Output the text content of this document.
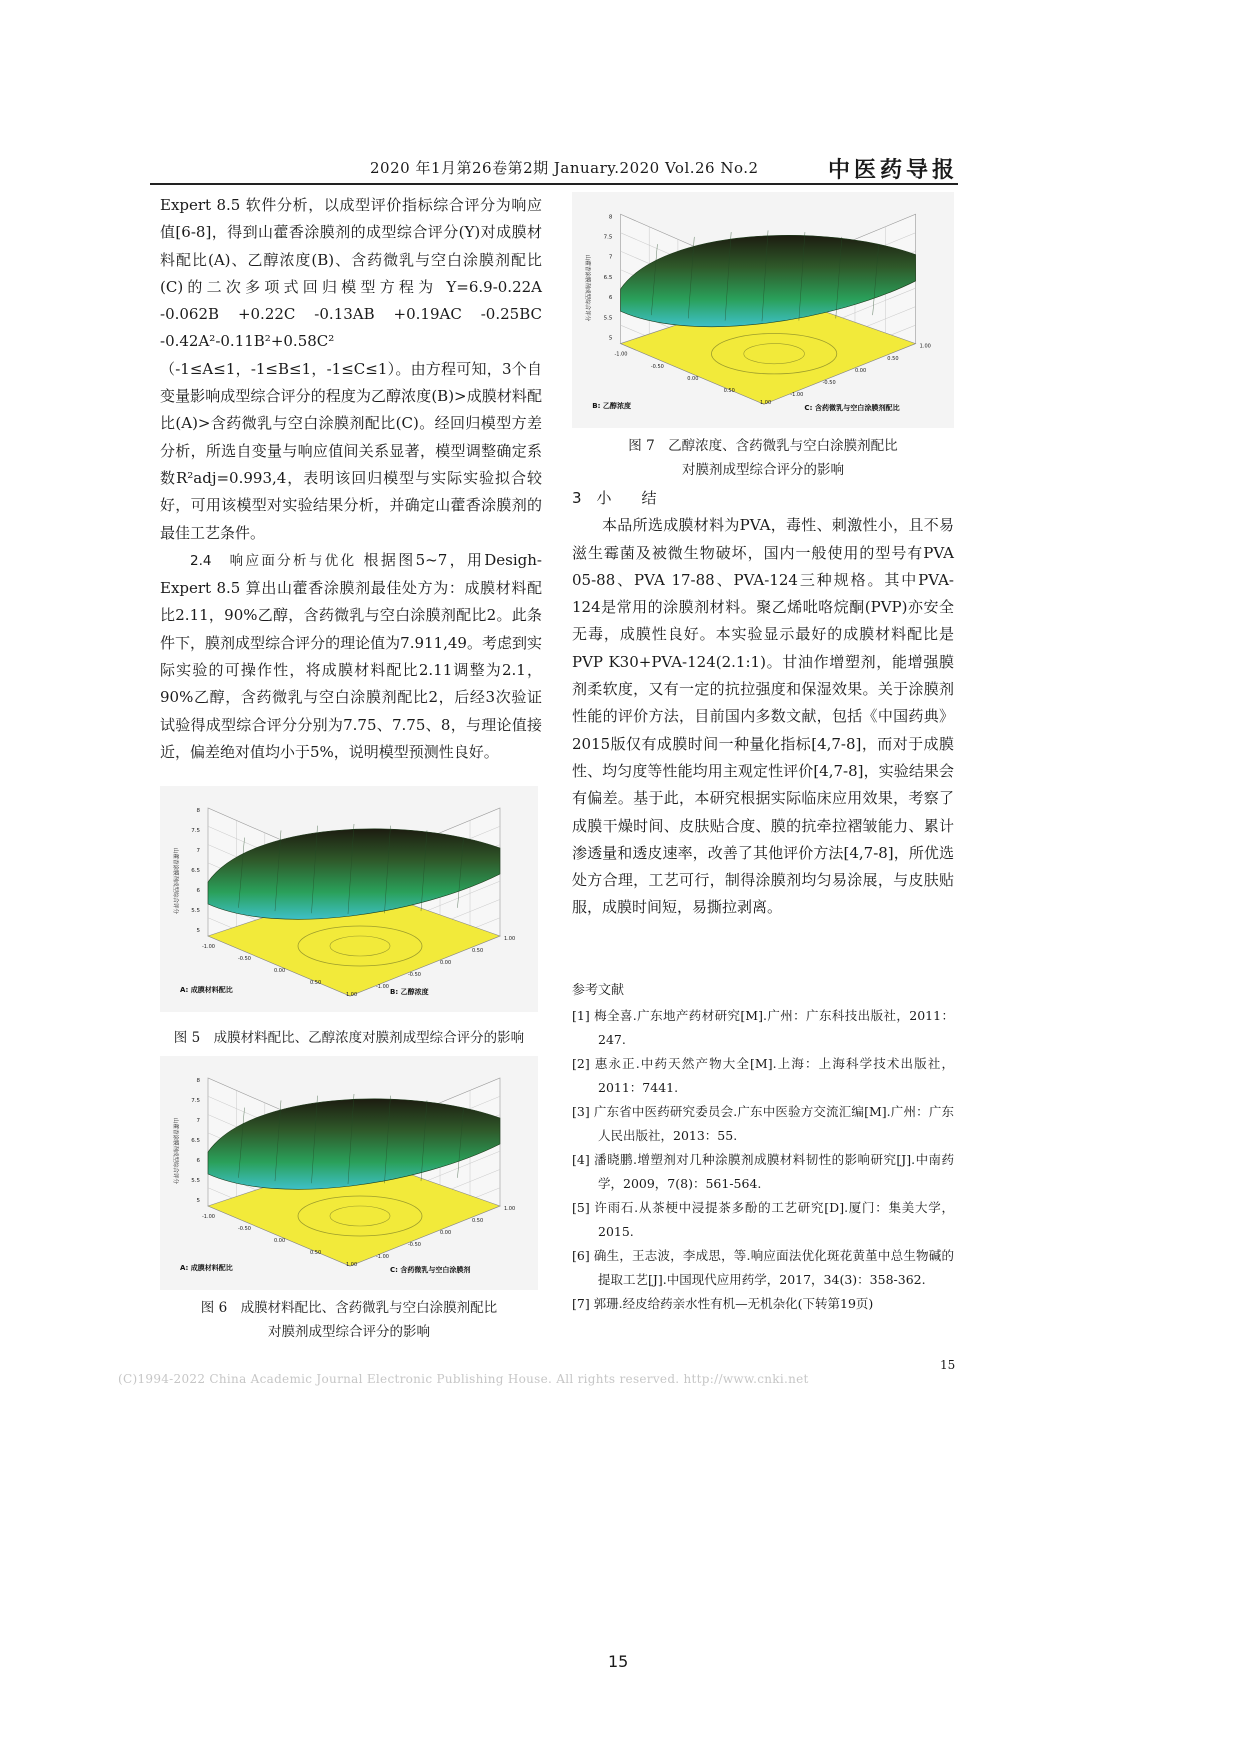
2020 年1月第26卷第2期 January.2020 Vol.26 No.2	中医药导报

Expert 8.5 软件分析，以成型评价指标综合评分为响应值[6-8]，得到山藿香涂膜剂的成型综合评分(Y)对成膜材料配比(A)、乙醇浓度(B)、含药微乳与空白涂膜剂配比(C)的二次多项式回归模型方程为 Y=6.9-0.22A -0.062B +0.22C -0.13AB +0.19AC -0.25BC -0.42A²-0.11B²+0.58C² （-1≤A≤1，-1≤B≤1，-1≤C≤1）。由方程可知，3个自变量影响成型综合评分的程度为乙醇浓度(B)>成膜材料配比(A)>含药微乳与空白涂膜剂配比(C)。经回归模型方差分析，所选自变量与响应值间关系显著，模型调整确定系数R²adj=0.993,4，表明该回归模型与实际实验拟合较好，可用该模型对实验结果分析，并确定山藿香涂膜剂的最佳工艺条件。

2.4　响应面分析与优化 根据图5~7，用Desigh-Expert 8.5 算出山藿香涂膜剂最佳处方为：成膜材料配比2.11，90%乙醇，含药微乳与空白涂膜剂配比2。此条件下，膜剂成型综合评分的理论值为7.911,49。考虑到实际实验的可操作性，将成膜材料配比2.11调整为2.1，90%乙醇，含药微乳与空白涂膜剂配比2，后经3次验证试验得成型综合评分分别为7.75、7.75、8，与理论值接近，偏差绝对值均小于5%，说明模型预测性良好。

8
7.5
7
6.5
6
5.5
5
-1.00
-0.50
0.00
0.50
1.00
1.00
0.50
0.00
-0.50
-1.00
A: 成膜材料配比	B: 乙醇浓度
山藿香涂膜剂成型综合评分
图 5　成膜材料配比、乙醇浓度对膜剂成型综合评分的影响
8
7.5
7
6.5
6
5.5
5
-1.00
-0.50
0.00
0.50
1.00
1.00
0.50
0.00
-0.50
-1.00
A: 成膜材料配比	C: 含药微乳与空白涂膜剂
山藿香涂膜剂成型综合评分
图 6　成膜材料配比、含药微乳与空白涂膜剂配比
对膜剂成型综合评分的影响
8
7.5
7
6.5
6
5.5
5
-1.00
-0.50
0.00
0.50
1.00
1.00
0.50
0.00
-0.50
-1.00
B: 乙醇浓度	C: 含药微乳与空白涂膜剂配比
山藿香涂膜剂成型综合评分
图 7　乙醇浓度、含药微乳与空白涂膜剂配比
对膜剂成型综合评分的影响

3　小　　结

本品所选成膜材料为PVA，毒性、刺激性小，且不易滋生霉菌及被微生物破坏，国内一般使用的型号有PVA 05-88、PVA 17-88、PVA-124三种规格。其中PVA-124是常用的涂膜剂材料。聚乙烯吡咯烷酮(PVP)亦安全无毒，成膜性良好。本实验显示最好的成膜材料配比是PVP K30+PVA-124(2.1:1)。甘油作增塑剂，能增强膜剂柔软度，又有一定的抗拉强度和保湿效果。关于涂膜剂性能的评价方法，目前国内多数文献，包括《中国药典》2015版仅有成膜时间一种量化指标[4,7-8]，而对于成膜性、均匀度等性能均用主观定性评价[4,7-8]，实验结果会有偏差。基于此，本研究根据实际临床应用效果，考察了成膜干燥时间、皮肤贴合度、膜的抗牵拉褶皱能力、累计渗透量和透皮速率，改善了其他评价方法[4,7-8]，所优选处方合理，工艺可行，制得涂膜剂均匀易涂展，与皮肤贴服，成膜时间短，易撕拉剥离。

参考文献

[1] 梅全喜.广东地产药材研究[M].广州：广东科技出版社，2011：247.

[2] 惠永正.中药天然产物大全[M].上海：上海科学技术出版社，2011：7441.

[3] 广东省中医药研究委员会.广东中医验方交流汇编[M].广州：广东人民出版社，2013：55.

[4] 潘晓鹏.增塑剂对几种涂膜剂成膜材料韧性的影响研究[J].中南药学，2009，7(8)：561-564.

[5] 许雨石.从茶梗中浸提茶多酚的工艺研究[D].厦门：集美大学，2015.

[6] 确生，王志波，李成思，等.响应面法优化斑花黄堇中总生物碱的提取工艺[J].中国现代应用药学，2017，34(3)：358-362.

[7] 郭珊.经皮给药亲水性有机—无机杂化(下转第19页)

(C)1994-2022 China Academic Journal Electronic Publishing House. All rights reserved. http://www.cnki.net
15
15
